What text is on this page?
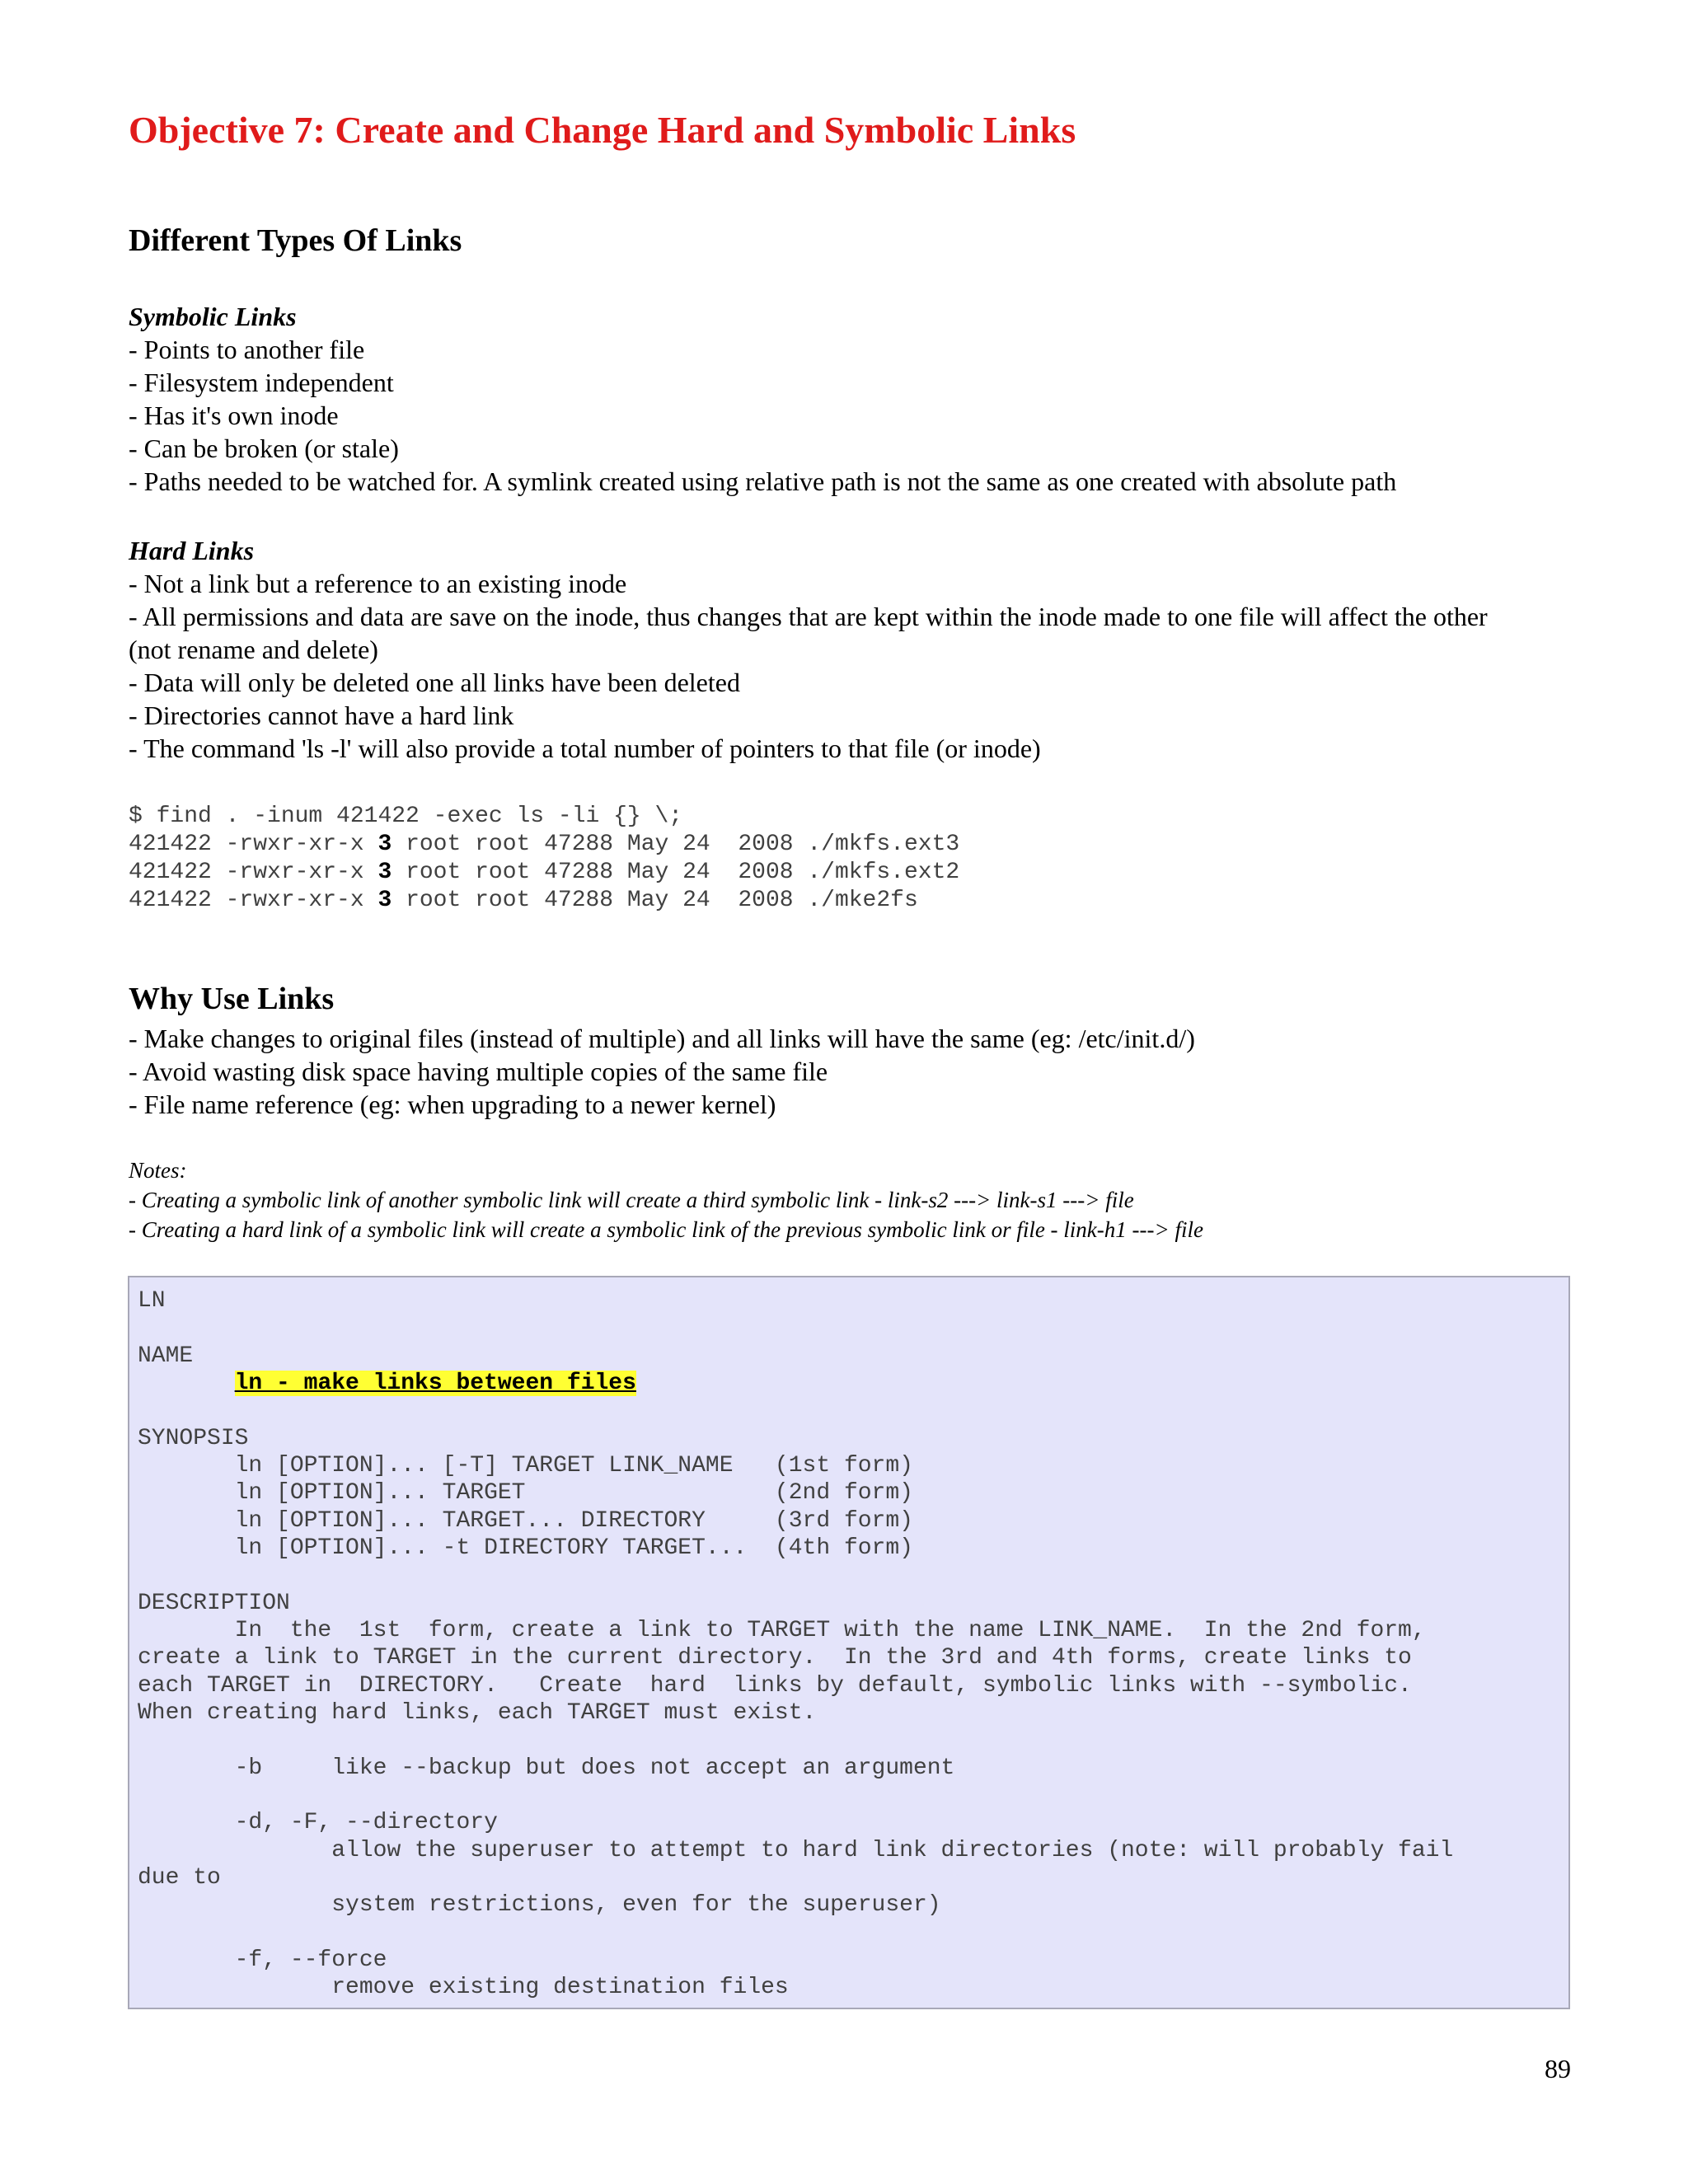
Objective 7: Create and Change Hard and Symbolic Links
Different Types Of Links
Symbolic Links
- Points to another file
- Filesystem independent
- Has it's own inode
- Can be broken (or stale)
- Paths needed to be watched for. A symlink created using relative path is not the same as one created with absolute path
Hard Links
- Not a link but a reference to an existing inode
- All permissions and data are save on the inode, thus changes that are kept within the inode made to one file will affect the other
(not rename and delete)
- Data will only be deleted one all links have been deleted
- Directories cannot have a hard link
- The command 'ls -l' will also provide a total number of pointers to that file (or inode)
$ find . -inum 421422 -exec ls -li {} \;
421422 -rwxr-xr-x 3 root root 47288 May 24  2008 ./mkfs.ext3
421422 -rwxr-xr-x 3 root root 47288 May 24  2008 ./mkfs.ext2
421422 -rwxr-xr-x 3 root root 47288 May 24  2008 ./mke2fs
Why Use Links
- Make changes to original files (instead of multiple) and all links will have the same (eg: /etc/init.d/)
- Avoid wasting disk space having multiple copies of the same file
- File name reference (eg: when upgrading to a newer kernel)
Notes:
- Creating a symbolic link of another symbolic link will create a third symbolic link - link-s2 ---> link-s1 ---> file
- Creating a hard link of a symbolic link will create a symbolic link of the previous symbolic link or file - link-h1 ---> file
LN
NAME
ln - make links between files
SYNOPSIS
ln [OPTION]... [-T] TARGET LINK_NAME   (1st form)
ln [OPTION]... TARGET                  (2nd form)
ln [OPTION]... TARGET... DIRECTORY     (3rd form)
ln [OPTION]... -t DIRECTORY TARGET...  (4th form)
DESCRIPTION
In  the  1st  form, create a link to TARGET with the name LINK_NAME.  In the 2nd form,
create a link to TARGET in the current directory.  In the 3rd and 4th forms, create links to
each TARGET in  DIRECTORY.   Create  hard  links by default, symbolic links with --symbolic.
When creating hard links, each TARGET must exist.
-b     like --backup but does not accept an argument
-d, -F, --directory
allow the superuser to attempt to hard link directories (note: will probably fail
due to
system restrictions, even for the superuser)
-f, --force
remove existing destination files
89
